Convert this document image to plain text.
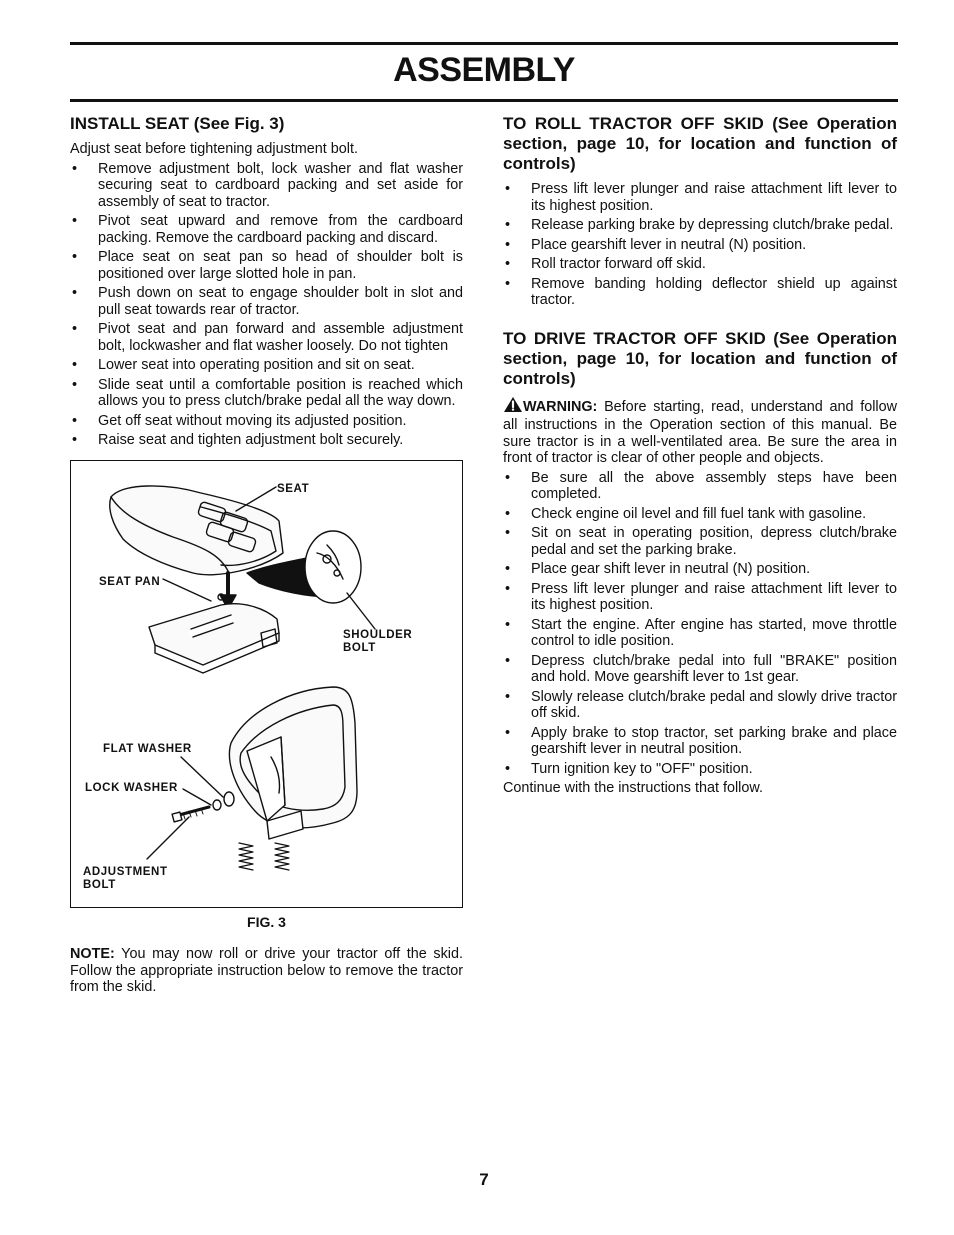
ASSEMBLY
INSTALL SEAT (See Fig. 3)

Adjust seat before tightening adjustment bolt.

• Remove adjustment bolt, lock washer and flat washer securing seat to cardboard packing and set aside for assembly of seat to tractor.
• Pivot seat upward and remove from the cardboard packing. Remove the cardboard packing and discard.
• Place seat on seat pan so head of shoulder bolt is positioned over large slotted hole in pan.
• Push down on seat to engage shoulder bolt in slot and pull seat towards rear of tractor.
• Pivot seat and pan forward and assemble adjustment bolt, lockwasher and flat washer loosely. Do not tighten
• Lower seat into operating position and sit on seat.
• Slide seat until a comfortable position is reached which allows you to press clutch/brake pedal all the way down.
• Get off seat without moving its adjusted position.
• Raise seat and tighten adjustment bolt securely.
SEAT
SEAT PAN
SHOULDER
BOLT
FLAT WASHER
LOCK WASHER
ADJUSTMENT
BOLT
FIG. 3

NOTE: You may now roll or drive your tractor off the skid. Follow the appropriate instruction below to remove the tractor from the skid.

TO ROLL TRACTOR OFF SKID (See Operation section, page 10, for location and function of controls)
• Press lift lever plunger and raise attachment lift lever to its highest position.
• Release parking brake by depressing clutch/brake pedal.
• Place gearshift lever in neutral (N) position.
• Roll tractor forward off skid.
• Remove banding holding deflector shield up against tractor.
TO DRIVE TRACTOR OFF SKID (See Operation section, page 10, for location and function of controls)

WARNING: Before starting, read, understand and follow all instructions in the Operation section of this manual. Be sure tractor is in a well-ventilated area. Be sure the area in front of tractor is clear of other people and objects.

• Be sure all the above assembly steps have been completed.
• Check engine oil level and fill fuel tank with gasoline.
• Sit on seat in operating position, depress clutch/brake pedal and set the parking brake.
• Place gear shift lever in neutral (N) position.
• Press lift lever plunger and raise attachment lift lever to its highest position.
• Start the engine. After engine has started, move throttle control to idle position.
• Depress clutch/brake pedal into full "BRAKE" position and hold. Move gearshift lever to 1st gear.
• Slowly release clutch/brake pedal and slowly drive tractor off skid.
• Apply brake to stop tractor, set parking brake and place gearshift lever in neutral position.
• Turn ignition key to "OFF" position.

Continue with the instructions that follow.

7
